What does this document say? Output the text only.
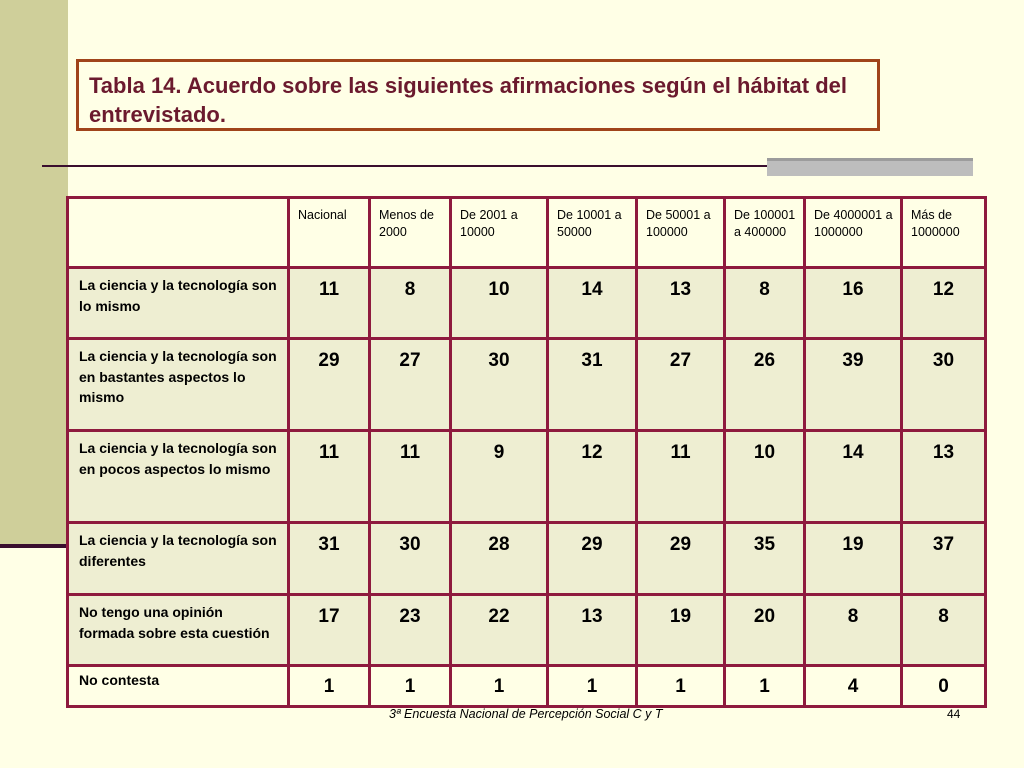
Tabla 14. Acuerdo sobre las siguientes afirmaciones según el hábitat del entrevistado.
	Nacional	Menos de 2000	De 2001 a 10000	De 10001 a 50000	De 50001 a 100000	De 100001 a 400000	De 4000001 a 1000000	Más de 1000000
La ciencia y la tecnología son lo mismo	11	8	10	14	13	8	16	12
La ciencia y la tecnología son en bastantes aspectos lo mismo	29	27	30	31	27	26	39	30
La ciencia y la tecnología son en pocos aspectos lo mismo	11	11	9	12	11	10	14	13
La ciencia y la tecnología son diferentes	31	30	28	29	29	35	19	37
No tengo una opinión formada sobre esta cuestión	17	23	22	13	19	20	8	8
No contesta	1	1	1	1	1	1	4	0
3ª Encuesta Nacional de Percepción Social C y T	44
